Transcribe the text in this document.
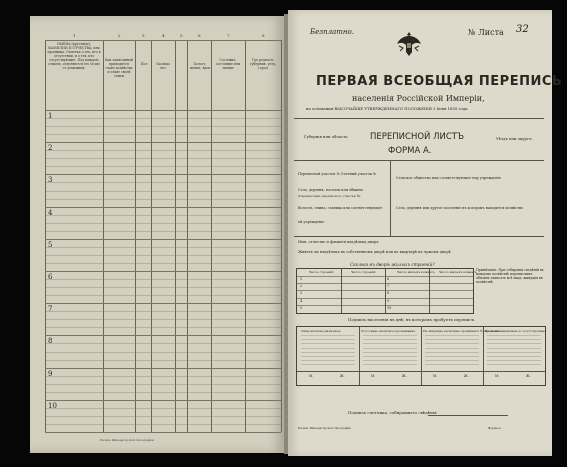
ИМЕНА (крестные), ФАМИЛИИ И ОТЧЕСТВА, или прозвища. Отметка о тех, кто в отсутствии, и о тех, кто отсутствующие. Под каждою семьею, отделяются его (и их) от домашних.
Как записанный приходится главе хозяйства и главе своей семьи
Пол	Сколько лет
Холост, женат, вдов
Сословие, состояние или звание
Где родился: губерния, уезд, город
1	2	3	4	5	6	7	8
1
2
3
4
5
6
7
8
9
10
Печать Императорской типографии
Безплатно.	№ Листа 32
ПЕРВАЯ ВСЕОБЩАЯ ПЕРЕПИСЬ
населенія Россійской Имперіи,
на основании ВЫСОЧАЙШЕ УТВЕРЖДЕННАГО ПОЛОЖЕНІЯ 5 Іюня 1895 года.
Губернія или область:	Уѣздъ или округъ:
ПЕРЕПИСНОЙ ЛИСТЪ
ФОРМА А.
Переписной участок № Счетный участок №
Село, деревня, поселок или община
(Переписчикъ переписного участка №)
Волость, гмина, станица или соответствующее
ей учрежденіе
Сельское общество или соответствующее ему учрежденіе
Село, деревня или другое поселеніе въ которомъ находится хозяйство
Имя, отчество и фамилія владѣльца двора
Живетъ ли владѣлецъ въ собственномъ дворѣ или въ квартирѣ въ чужомъ дворѣ
Сколько въ дворѣ жилыхъ строеній?
Число строеній	Число строеній	Число жилыхъ комнатъ Число жилыхъ комнатъ
1	6
2	7
3	8
4	9
5	10
Примѣчаніе. При собираніи сведѣній въ каждомъ хозяйствѣ переписчикъ обязанъ записать всѣ лица, живущія въ хозяйствѣ.
Подпись населенія въ днѣ, въ которомъ пробуетъ переписъ.
Лица налично-наличные	Постоянно наличное проживание	Не живущие наличные проживают более полного
Временно-наличные и отсутствующие
М.	Ж.	М.	Ж.	М.	Ж.	М.	Ж.
Подпись счетчика, собиравшего свѣдѣнія
Печать Императорской типографіи	Форма А.
